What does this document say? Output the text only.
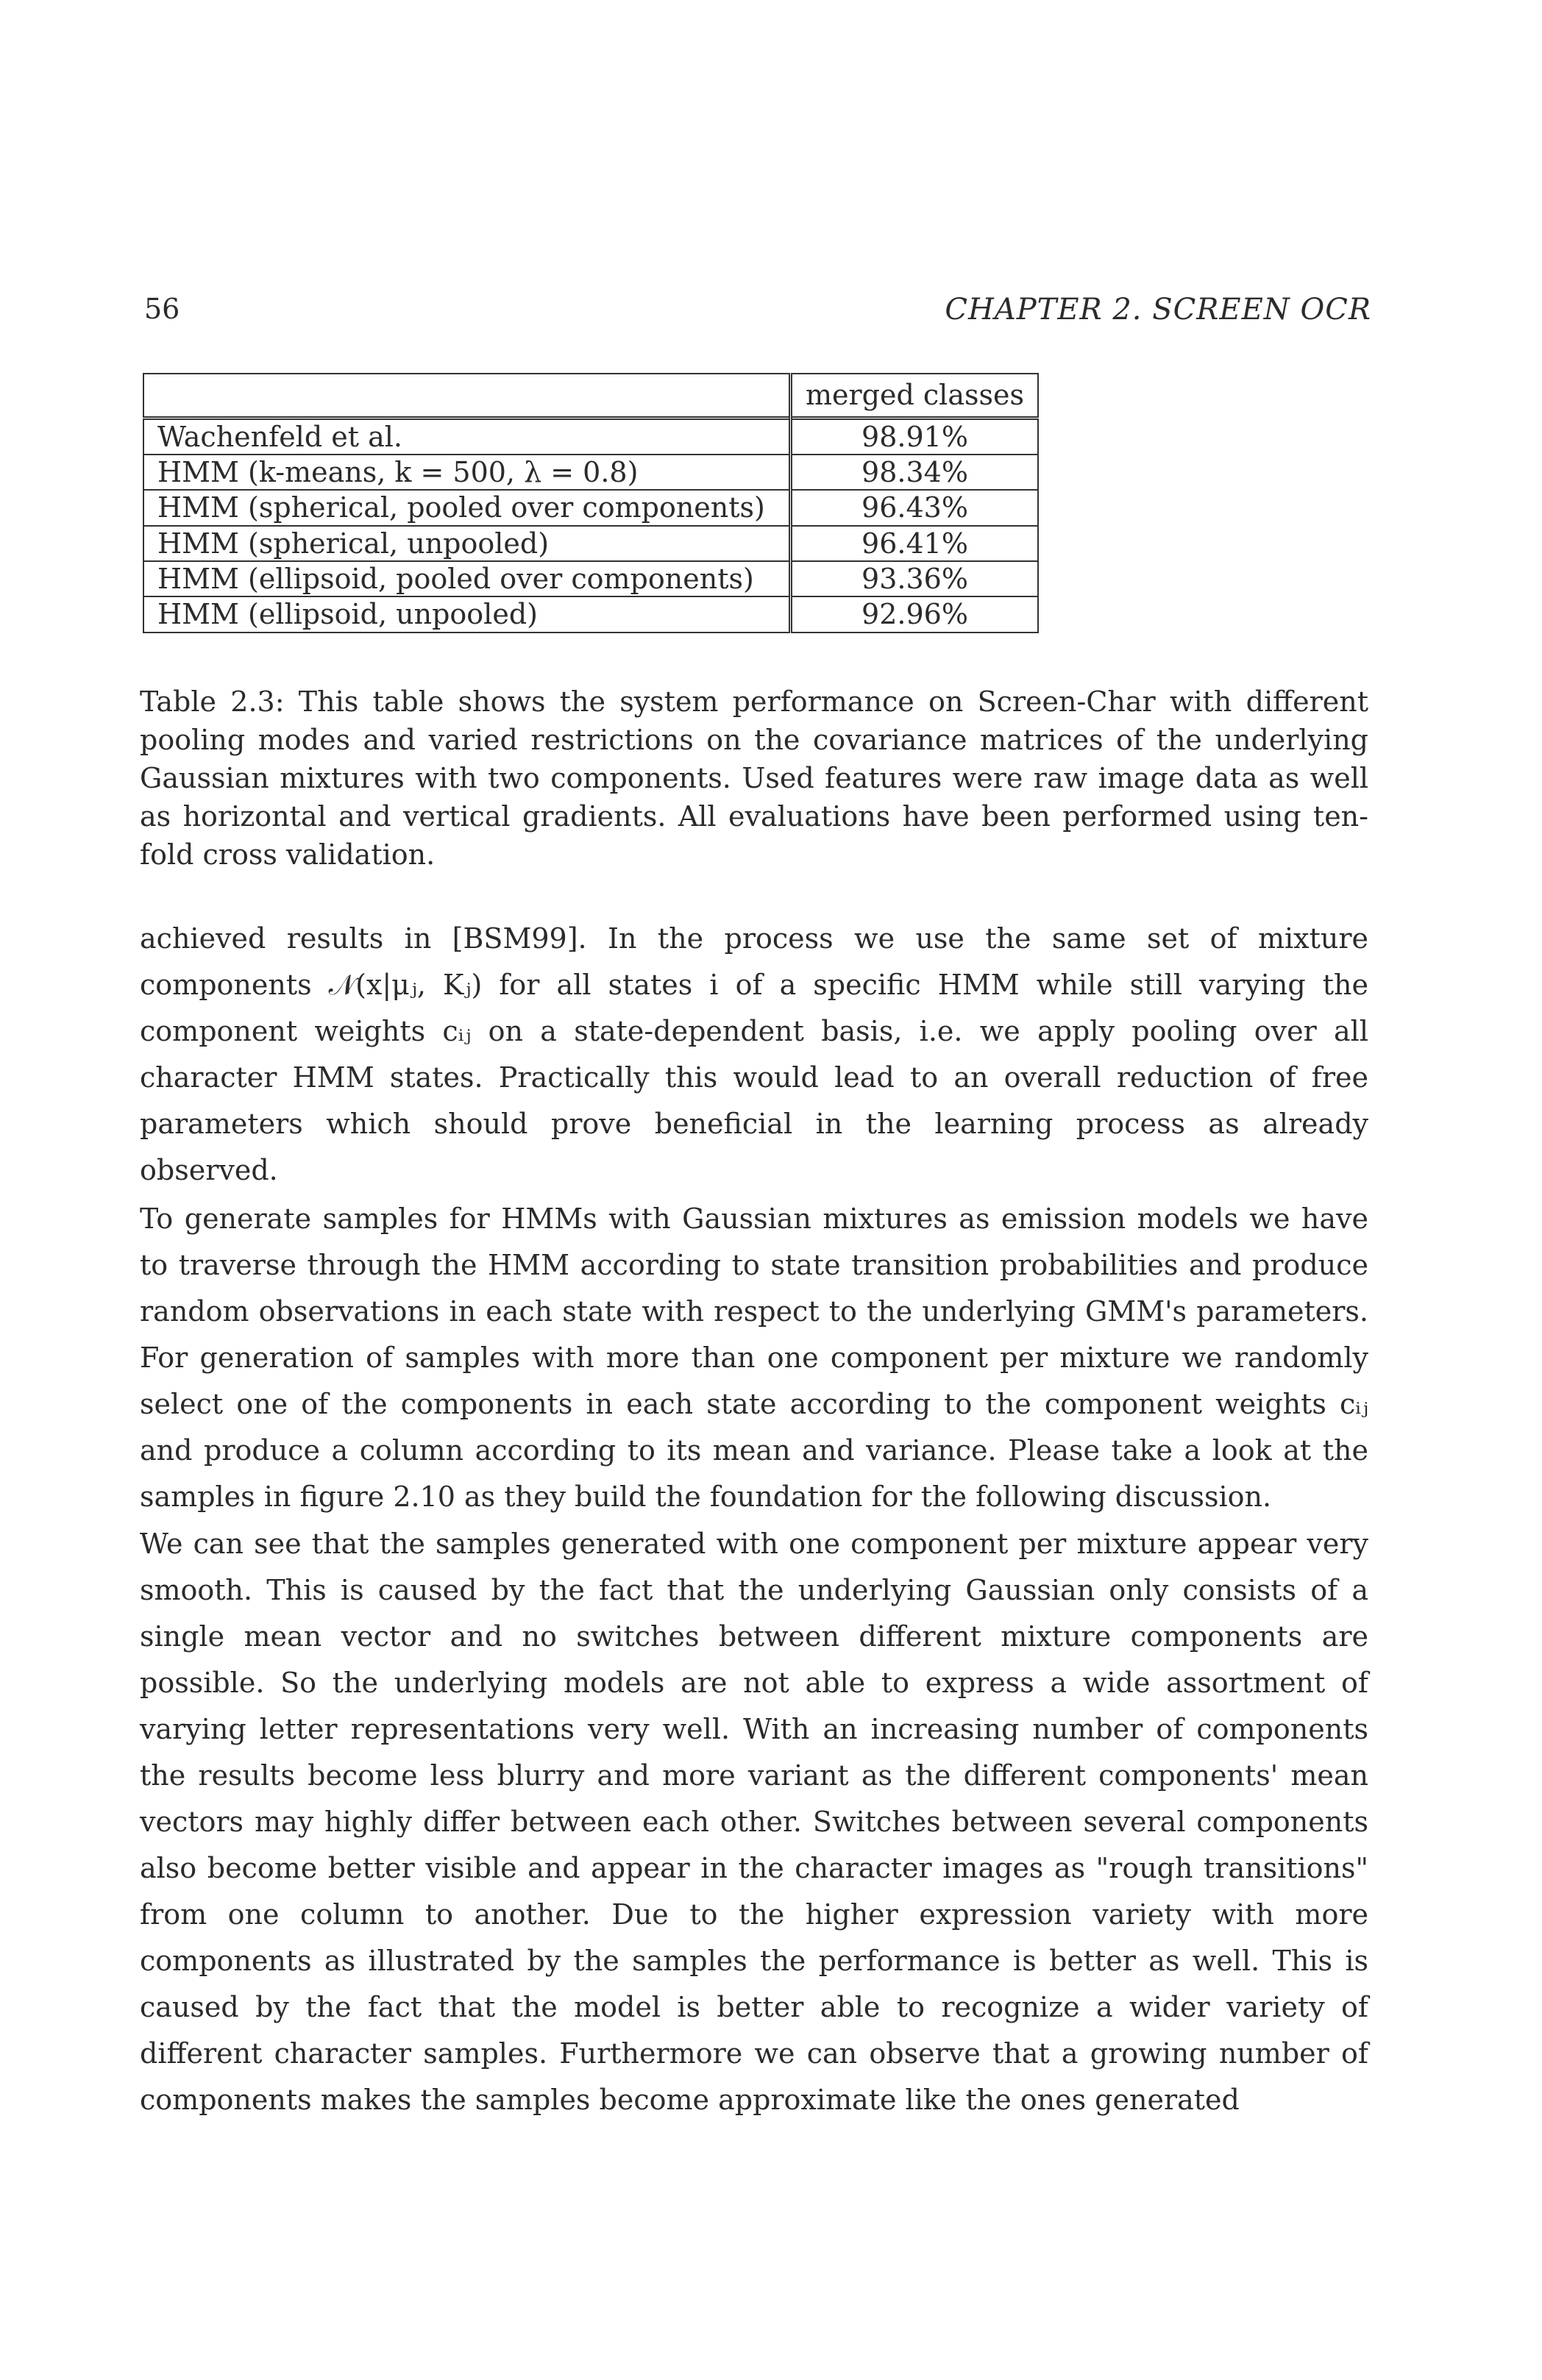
56	CHAPTER 2. SCREEN OCR
	merged classes
Wachenfeld et al.	98.91%
HMM (k-means, k = 500, λ = 0.8)	98.34%
HMM (spherical, pooled over components)	96.43%
HMM (spherical, unpooled)	96.41%
HMM (ellipsoid, pooled over components)	93.36%
HMM (ellipsoid, unpooled)	92.96%
Table 2.3: This table shows the system performance on Screen-Char with different pooling modes and varied restrictions on the covariance matrices of the underlying Gaussian mixtures with two components. Used features were raw image data as well as horizontal and vertical gradients. All evaluations have been performed using ten-fold cross validation.

achieved results in [BSM99]. In the process we use the same set of mixture components 𝒩(x|μⱼ, Kⱼ) for all states i of a specific HMM while still varying the component weights cᵢⱼ on a state-dependent basis, i.e. we apply pooling over all character HMM states. Practically this would lead to an overall reduction of free parameters which should prove beneficial in the learning process as already observed.

To generate samples for HMMs with Gaussian mixtures as emission models we have to traverse through the HMM according to state transition probabilities and produce random observations in each state with respect to the underlying GMM's parameters. For generation of samples with more than one component per mixture we randomly select one of the components in each state according to the component weights cᵢⱼ and produce a column according to its mean and variance. Please take a look at the samples in figure 2.10 as they build the foundation for the following discussion.

We can see that the samples generated with one component per mixture appear very smooth. This is caused by the fact that the underlying Gaussian only consists of a single mean vector and no switches between different mixture components are possible. So the underlying models are not able to express a wide assortment of varying letter representations very well. With an increasing number of components the results become less blurry and more variant as the different components' mean vectors may highly differ between each other. Switches between several components also become better visible and appear in the character images as "rough transitions" from one column to another. Due to the higher expression variety with more components as illustrated by the samples the performance is better as well. This is caused by the fact that the model is better able to recognize a wider variety of different character samples. Furthermore we can observe that a growing number of components makes the samples become approximate like the ones generated
